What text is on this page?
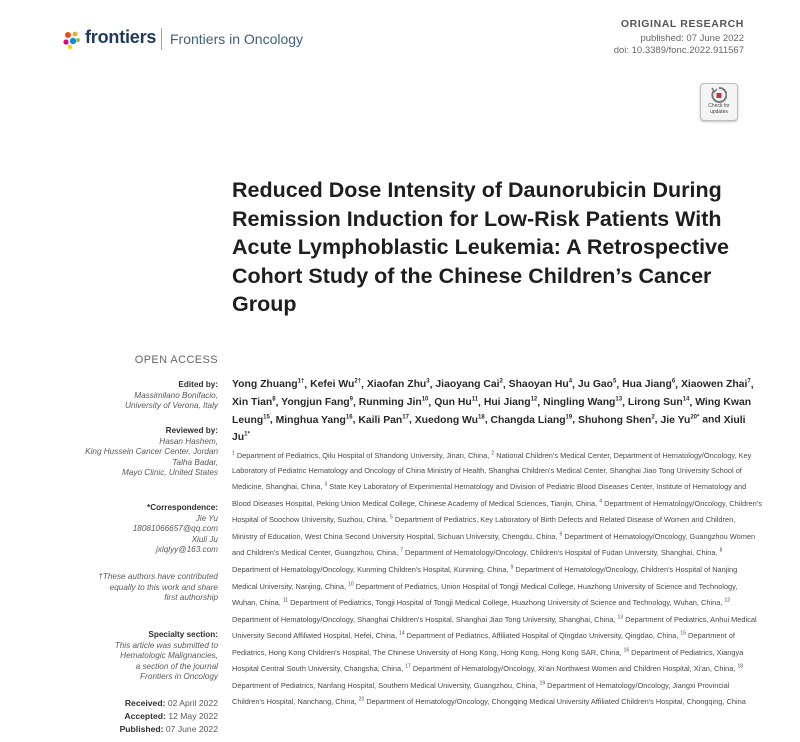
frontiers Frontiers in Oncology
ORIGINAL RESEARCH
published: 07 June 2022
doi: 10.3389/fonc.2022.911567
Check for updates
Reduced Dose Intensity of Daunorubicin During Remission Induction for Low-Risk Patients With Acute Lymphoblastic Leukemia: A Retrospective Cohort Study of the Chinese Children’s Cancer Group
OPEN ACCESS
Edited by:
Massimilano Bonifacio,
University of Verona, Italy
Reviewed by:
Hasan Hashem,
King Hussein Cancer Center, Jordan
Talha Badar,
Mayo Clinic, United States
*Correspondence:
Jie Yu
18081066657@qq.com
Xiuli Ju
jxlqlyy@163.com
†These authors have contributed
equally to this work and share
first authorship
Specialty section:
This article was submitted to
Hematologic Malignancies,
a section of the journal
Frontiers in Oncology
Received: 02 April 2022
Accepted: 12 May 2022
Published: 07 June 2022
Yong Zhuang$^{1\dagger}$, Kefei $Wu^{2\dagger}$, Xiaofan Zhu$^3$, Jiaoyang Cai$^2$, Shaoyan Hu$^4$, Ju Gao$^5$, Hua Jiang$^6$, Xiaowen Zhai$^7$, Xin Tian$^8$, Yongjun Fang$^9$, Runming Jin$^{10}$, Qun Hu$^{11}$, Hui Jiang$^{12}$, Ningling Wang$^{13}$, Lirong Sun$^{14}$, Wing Kwan Leung$^{15}$, Minghua Yang$^{16}$, Kaili Pan$^{17}$, Xuedong Wu$^{18}$, Changda Liang$^{19}$, Shuhong Shen$^2$, Jie $Yu^{20*}$ and Xiuli $Ju^{1*}$
$^1$ Department of Pediatrics, Qilu Hospital of Shandong University, Jinan, China, $^2$ National Children's Medical Center, Department of Hematology/Oncology, Key Laboratory of Pediatric Hematology and Oncology of China Ministry of Health, Shanghai Children's Medical Center, Shanghai Jiao Tong University School of Medicine, Shanghai, China, $^3$ State Key Laboratory of Experimental Hematology and Division of Pediatric Blood Diseases Center, Institute of Hematology and Blood Diseases Hospital, Peking Union Medical College, Chinese Academy of Medical Sciences, Tianjin, China, $^4$ Department of Hematology/Oncology, Children's Hospital of Soochow University, Suzhou, China, $^5$ Department of Pediatrics, Key Laboratory of Birth Defects and Related Disease of Women and Children, Ministry of Education, West China Second University Hospital, Sichuan University, Chengdu, China, $^6$ Department of Hematology/Oncology, Guangzhou Women and Children's Medical Center, Guangzhou, China, $^7$ Department of Hematology/Oncology, Children's Hospital of Fudan University, Shanghai, China, $^8$ Department of Hematology/Oncology, Kunming Children's Hospital, Kunming, China, $^9$ Department of Hematology/Oncology, Children's Hospital of Nanjing Medical University, Nanjing, China, $^{10}$ Department of Pediatrics, Union Hospital of Tongji Medical College, Huazhong University of Science and Technology, Wuhan, China, $^{11}$ Department of Pediatrics, Tongji Hospital of Tongji Medical College, Huazhong University of Science and Technology, Wuhan, China, $^{12}$ Department of Hematology/Oncology, Shanghai Children's Hospital, Shanghai Jiao Tong University, Shanghai, China, $^{13}$ Department of Pediatrics, Anhui Medical University Second Affiliated Hospital, Hefei, China, $^{14}$ Department of Pediatrics, Affiliated Hospital of Qingdao University, Qingdao, China, $^{15}$ Department of Pediatrics, Hong Kong Children's Hospital, The Chinese University of Hong Kong, Hong Kong, Hong Kong SAR, China, $^{16}$ Department of Pediatrics, Xiangya Hospital Central South University, Changsha, China, $^{17}$ Department of Hematology/Oncology, Xi'an Northwest Women and Children Hospital, Xi'an, China, $^{18}$ Department of Pediatrics, Nanfang Hospital, Southern Medical University, Guangzhou, China, $^{19}$ Department of Hematology/Oncology, Jiangxi Provincial Children's Hospital, Nanchang, China, $^{20}$ Department of Hematology/Oncology, Chongqing Medical University Affiliated Children's Hospital, Chongqing, China
